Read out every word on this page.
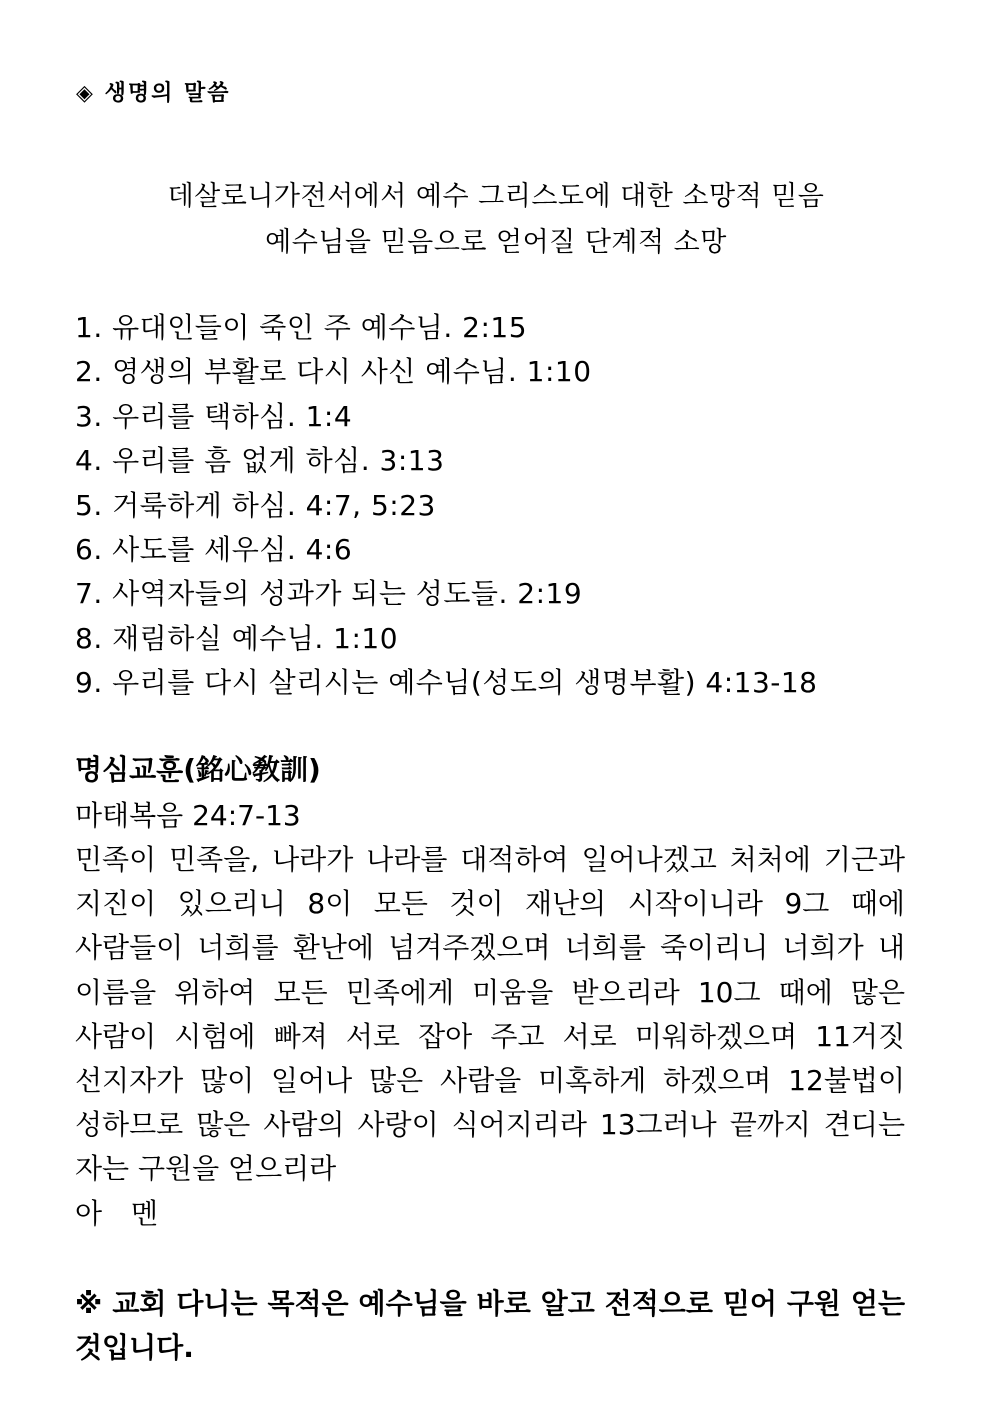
◈ 생명의 말씀
데살로니가전서에서 예수 그리스도에 대한 소망적 믿음
예수님을 믿음으로 얻어질 단계적 소망
1. 유대인들이 죽인 주 예수님. 2:15
2. 영생의 부활로 다시 사신 예수님. 1:10
3. 우리를 택하심. 1:4
4. 우리를 흠 없게 하심. 3:13
5. 거룩하게 하심. 4:7, 5:23
6. 사도를 세우심. 4:6
7. 사역자들의 성과가 되는 성도들. 2:19
8. 재림하실 예수님. 1:10
9. 우리를 다시 살리시는 예수님(성도의 생명부활) 4:13-18
명심교훈(銘心敎訓)
마태복음 24:7-13

민족이 민족을, 나라가 나라를 대적하여 일어나겠고 처처에 기근과 지진이 있으리니 8이 모든 것이 재난의 시작이니라 9그 때에 사람들이 너희를 환난에 넘겨주겠으며 너희를 죽이리니 너희가 내 이름을 위하여 모든 민족에게 미움을 받으리라 10그 때에 많은 사람이 시험에 빠져 서로 잡아 주고 서로 미워하겠으며 11거짓 선지자가 많이 일어나 많은 사람을 미혹하게 하겠으며 12불법이 성하므로 많은 사람의 사랑이 식어지리라 13그러나 끝까지 견디는 자는 구원을 얻으리라

아 멘

※ 교회 다니는 목적은 예수님을 바로 알고 전적으로 믿어 구원 얻는 것입니다.
